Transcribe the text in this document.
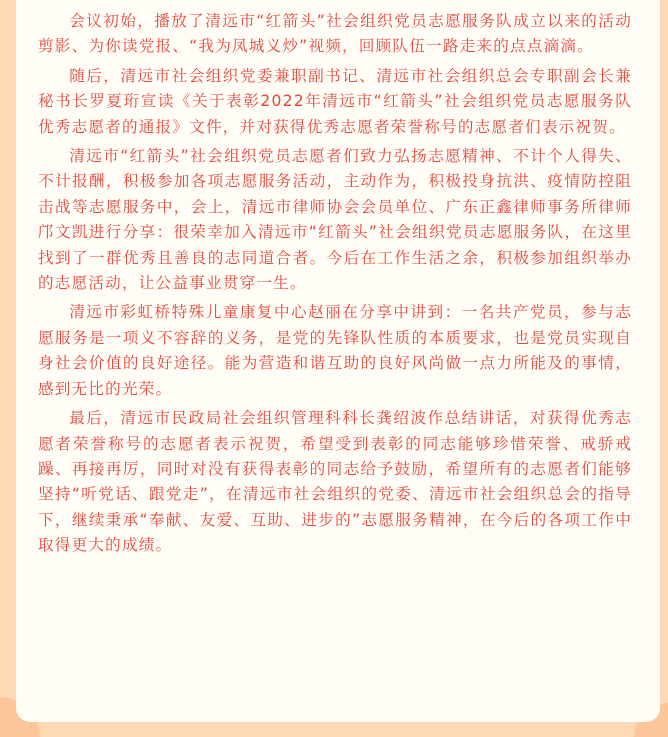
会议初始，播放了清远市“红箭头”社会组织党员志愿服务队成立以来的活动剪影、为你读党报、“我为凤城义炒”视频，回顾队伍一路走来的点点滴滴。

随后，清远市社会组织党委兼职副书记、清远市社会组织总会专职副会长兼秘书长罗夏珩宣读《关于表彰2022年清远市“红箭头”社会组织党员志愿服务队优秀志愿者的通报》文件，并对获得优秀志愿者荣誉称号的志愿者们表示祝贺。

清远市“红箭头”社会组织党员志愿者们致力弘扬志愿精神、不计个人得失、不计报酬，积极参加各项志愿服务活动，主动作为，积极投身抗洪、疫情防控阻击战等志愿服务中，会上，清远市律师协会会员单位、广东正鑫律师事务所律师邝文凯进行分享：很荣幸加入清远市“红箭头”社会组织党员志愿服务队，在这里找到了一群优秀且善良的志同道合者。今后在工作生活之余，积极参加组织举办的志愿活动，让公益事业贯穿一生。

清远市彩虹桥特殊儿童康复中心赵丽在分享中讲到：一名共产党员，参与志愿服务是一项义不容辞的义务，是党的先锋队性质的本质要求，也是党员实现自身社会价值的良好途径。能为营造和谐互助的良好风尚做一点力所能及的事情，感到无比的光荣。

最后，清远市民政局社会组织管理科科长龚绍波作总结讲话，对获得优秀志愿者荣誉称号的志愿者表示祝贺，希望受到表彰的同志能够珍惜荣誉、戒骄戒躁、再接再厉，同时对没有获得表彰的同志给予鼓励，希望所有的志愿者们能够坚持“听党话、跟党走”，在清远市社会组织的党委、清远市社会组织总会的指导下，继续秉承“奉献、友爱、互助、进步的”志愿服务精神，在今后的各项工作中取得更大的成绩。
